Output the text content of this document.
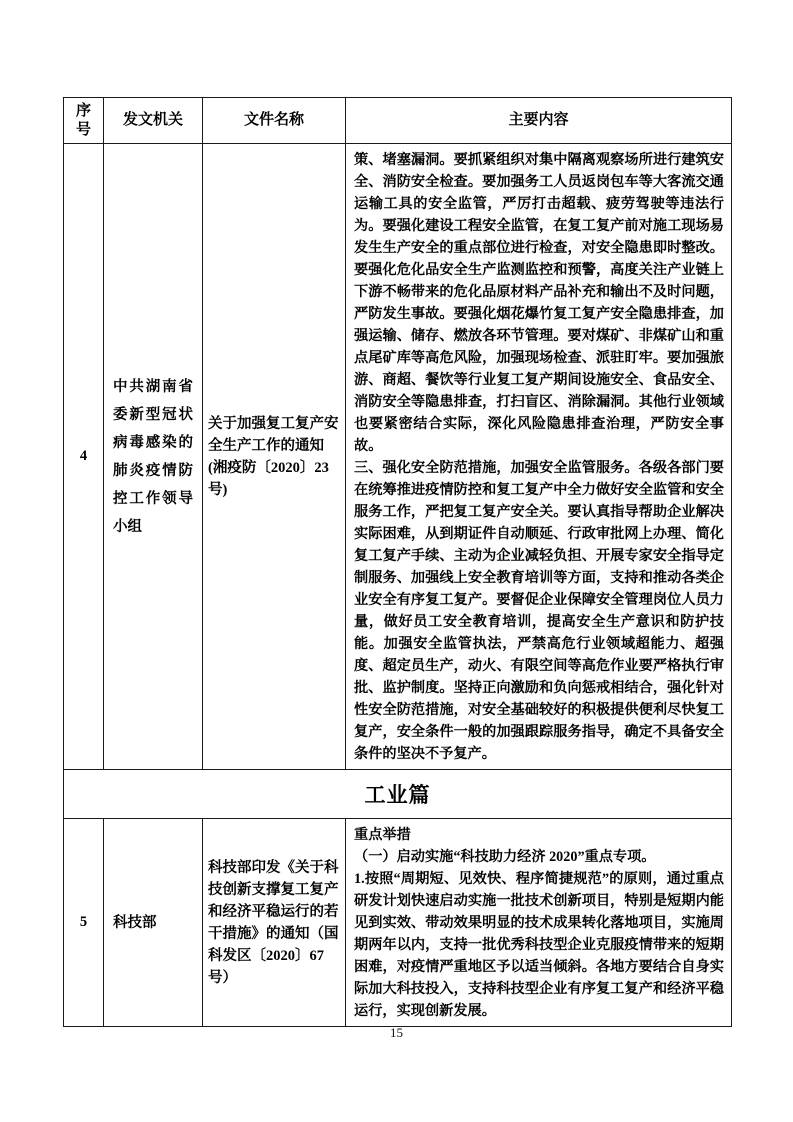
序号	发文机关	文件名称	主要内容
4	中共湖南省委新型冠状病毒感染的肺炎疫情防控工作领导小组	关于加强复工复产安全生产工作的通知(湘疫防〔2020〕23 号)	策、堵塞漏洞。要抓紧组织对集中隔离观察场所进行建筑安全、消防安全检查。要加强务工人员返岗包车等大客流交通运输工具的安全监管，严厉打击超载、疲劳驾驶等违法行为。要强化建设工程安全监管，在复工复产前对施工现场易发生生产安全的重点部位进行检查，对安全隐患即时整改。要强化危化品安全生产监测监控和预警，高度关注产业链上下游不畅带来的危化品原材料产品补充和输出不及时问题，严防发生事故。要强化烟花爆竹复工复产安全隐患排查，加强运输、储存、燃放各环节管理。要对煤矿、非煤矿山和重点尾矿库等高危风险，加强现场检查、派驻盯牢。要加强旅游、商超、餐饮等行业复工复产期间设施安全、食品安全、消防安全等隐患排查，打扫盲区、消除漏洞。其他行业领域也要紧密结合实际，深化风险隐患排查治理，严防安全事故。

三、强化安全防范措施，加强安全监管服务。各级各部门要在统筹推进疫情防控和复工复产中全力做好安全监管和安全服务工作，严把复工复产安全关。要认真指导帮助企业解决实际困难，从到期证件自动顺延、行政审批网上办理、简化复工复产手续、主动为企业减轻负担、开展专家安全指导定制服务、加强线上安全教育培训等方面，支持和推动各类企业安全有序复工复产。要督促企业保障安全管理岗位人员力量，做好员工安全教育培训，提高安全生产意识和防护技能。加强安全监管执法，严禁高危行业领域超能力、超强度、超定员生产，动火、有限空间等高危作业要严格执行审批、监护制度。坚持正向激励和负向惩戒相结合，强化针对性安全防范措施，对安全基础较好的积极提供便利尽快复工复产，安全条件一般的加强跟踪服务指导，确定不具备安全条件的坚决不予复产。

工业篇			
5	科技部	科技部印发《关于科技创新支撑复工复产和经济平稳运行的若干措施》的通知（国科发区〔2020〕67 号）	重点举措

（一）启动实施“科技助力经济 2020”重点专项。

1.按照“周期短、见效快、程序简捷规范”的原则，通过重点研发计划快速启动实施一批技术创新项目，特别是短期内能见到实效、带动效果明显的技术成果转化落地项目，实施周期两年以内，支持一批优秀科技型企业克服疫情带来的短期困难，对疫情严重地区予以适当倾斜。各地方要结合自身实际加大科技投入，支持科技型企业有序复工复产和经济平稳运行，实现创新发展。

15
